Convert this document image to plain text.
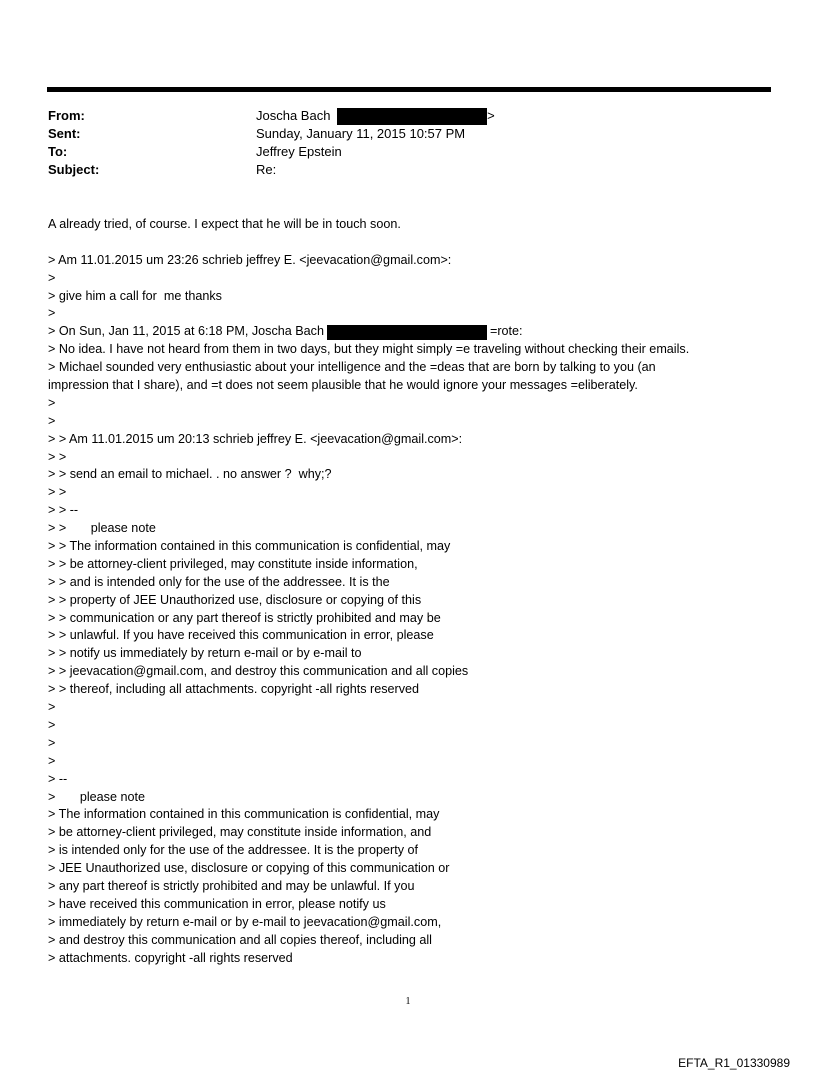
From:	Joscha Bach	>
Sent:	Sunday, January 11, 2015 10:57 PM
To:	Jeffrey Epstein
Subject:	Re:
A already tried, of course. I expect that he will be in touch soon.
> Am 11.01.2015 um 23:26 schrieb jeffrey E. <jeevacation@gmail.com>:
>
> give him a call for  me thanks
>
> On Sun, Jan 11, 2015 at 6:18 PM, Joscha Bach	=rote:
> No idea. I have not heard from them in two days, but they might simply =e traveling without checking their emails.
> Michael sounded very enthusiastic about your intelligence and the =deas that are born by talking to you (an
impression that I share), and =t does not seem plausible that he would ignore your messages =eliberately.
>
>
> > Am 11.01.2015 um 20:13 schrieb jeffrey E. <jeevacation@gmail.com>:
> >
> > send an email to michael. . no answer ?  why;?
> >
> > --
> >       please note
> > The information contained in this communication is confidential, may
> > be attorney-client privileged, may constitute inside information,
> > and is intended only for the use of the addressee. It is the
> > property of JEE Unauthorized use, disclosure or copying of this
> > communication or any part thereof is strictly prohibited and may be
> > unlawful. If you have received this communication in error, please
> > notify us immediately by return e-mail or by e-mail to
> > jeevacation@gmail.com, and destroy this communication and all copies
> > thereof, including all attachments. copyright -all rights reserved
>
>
>
>
> --
>       please note
> The information contained in this communication is confidential, may
> be attorney-client privileged, may constitute inside information, and
> is intended only for the use of the addressee. It is the property of
> JEE Unauthorized use, disclosure or copying of this communication or
> any part thereof is strictly prohibited and may be unlawful. If you
> have received this communication in error, please notify us
> immediately by return e-mail or by e-mail to jeevacation@gmail.com,
> and destroy this communication and all copies thereof, including all
> attachments. copyright -all rights reserved
1
EFTA_R1_01330989
